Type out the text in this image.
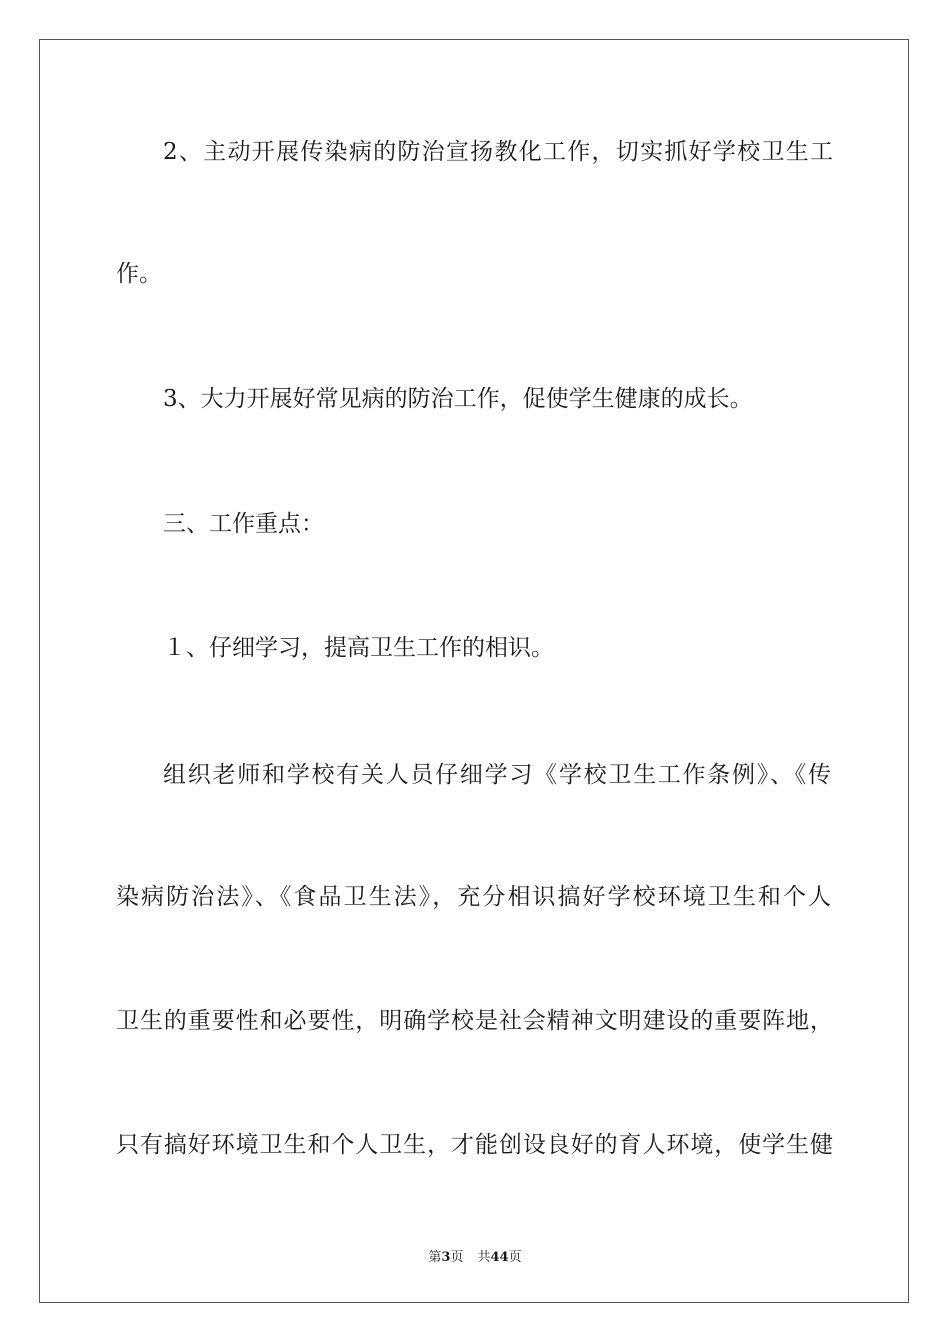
2、主动开展传染病的防治宣扬教化工作，切实抓好学校卫生工
作。
3、大力开展好常见病的防治工作，促使学生健康的成长。
三、工作重点：
１、仔细学习，提高卫生工作的相识。
组织老师和学校有关人员仔细学习《学校卫生工作条例》、《传
染病防治法》、《食品卫生法》，充分相识搞好学校环境卫生和个人
卫生的重要性和必要性，明确学校是社会精神文明建设的重要阵地，
只有搞好环境卫生和个人卫生，才能创设良好的育人环境，使学生健
第3页 共44页
